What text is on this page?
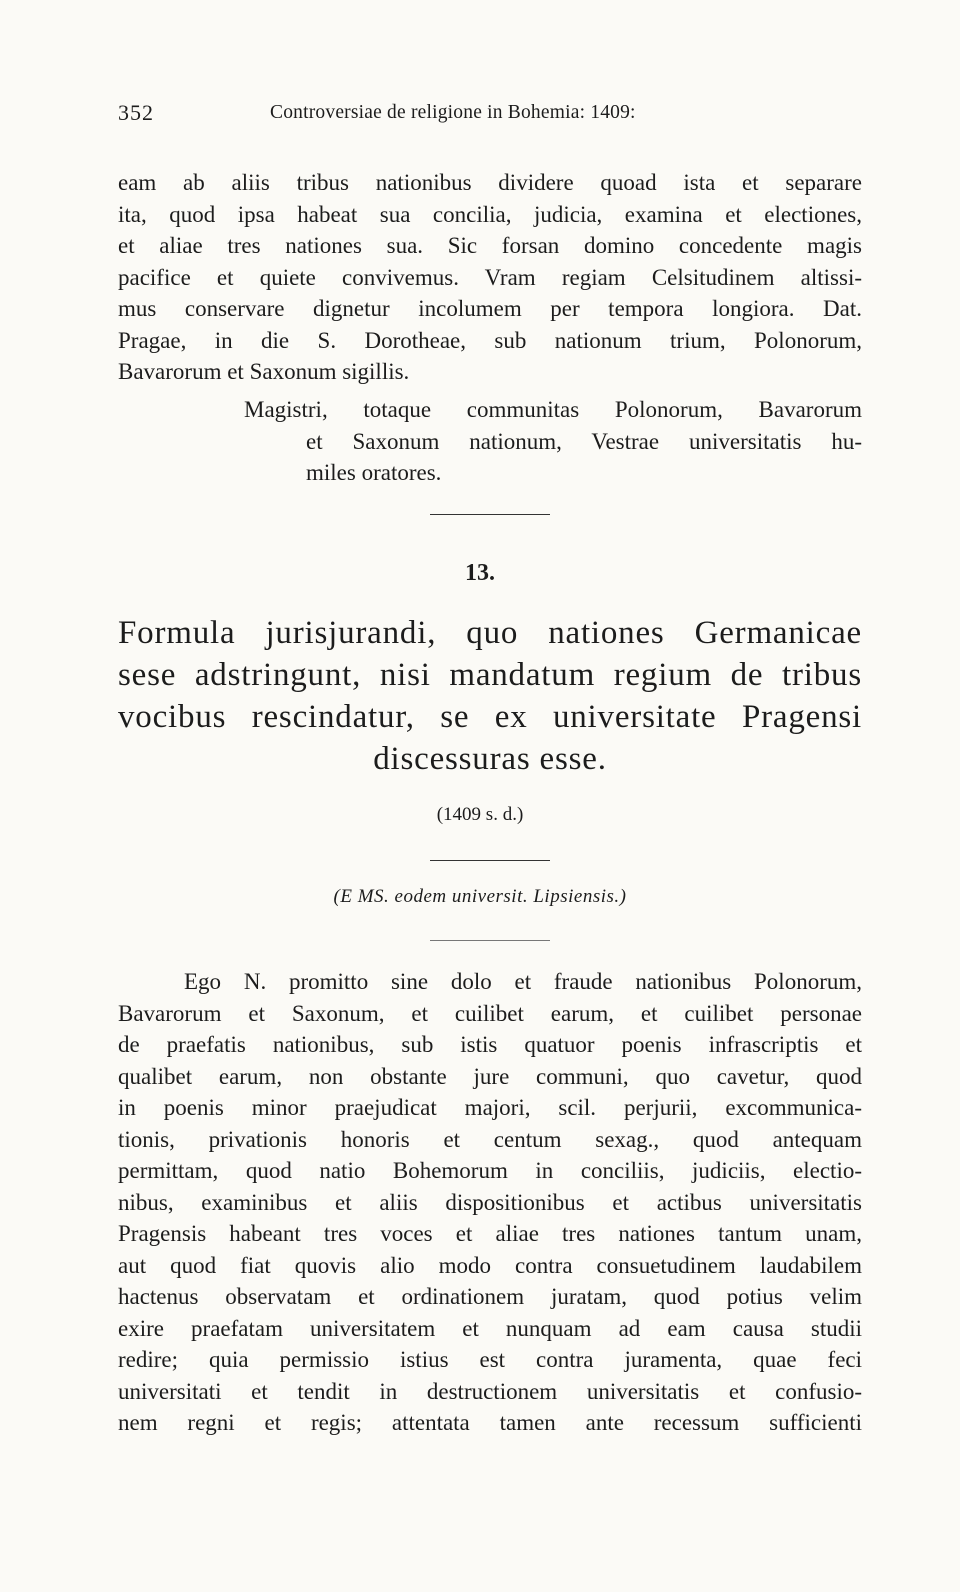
352	Controversiae de religione in Bohemia: 1409:
eam ab aliis tribus nationibus dividere quoad ista et separare
ita, quod ipsa habeat sua concilia, judicia, examina et electiones,
et aliae tres nationes sua. Sic forsan domino concedente magis
pacifice et quiete convivemus. Vram regiam Celsitudinem altissi-
mus conservare dignetur incolumem per tempora longiora. Dat.
Pragae, in die S. Dorotheae, sub nationum trium, Polonorum,
Bavarorum et Saxonum sigillis.
Magistri, totaque communitas Polonorum, Bavarorum
et Saxonum nationum, Vestrae universitatis hu-
miles oratores.
13.
Formula jurisjurandi, quo nationes Germanicae
sese adstringunt, nisi mandatum regium de tribus
vocibus rescindatur, se ex universitate Pragensi
discessuras esse.
(1409 s. d.)
(E MS. eodem universit. Lipsiensis.)
Ego N. promitto sine dolo et fraude nationibus Polonorum,
Bavarorum et Saxonum, et cuilibet earum, et cuilibet personae
de praefatis nationibus, sub istis quatuor poenis infrascriptis et
qualibet earum, non obstante jure communi, quo cavetur, quod
in poenis minor praejudicat majori, scil. perjurii, excommunica-
tionis, privationis honoris et centum sexag., quod antequam
permittam, quod natio Bohemorum in conciliis, judiciis, electio-
nibus, examinibus et aliis dispositionibus et actibus universitatis
Pragensis habeant tres voces et aliae tres nationes tantum unam,
aut quod fiat quovis alio modo contra consuetudinem laudabilem
hactenus observatam et ordinationem juratam, quod potius velim
exire praefatam universitatem et nunquam ad eam causa studii
redire; quia permissio istius est contra juramenta, quae feci
universitati et tendit in destructionem universitatis et confusio-
nem regni et regis; attentata tamen ante recessum sufficienti
